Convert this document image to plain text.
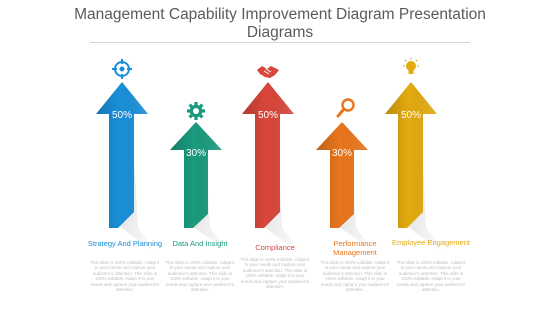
Management Capability Improvement Diagram Presentation Diagrams
50%
30%
50%
30%
50%
Strategy And Planning	Data And Insight	Compliance	Performance Management
Employee Engagement
This slide is 100% editable. Adapt it to your needs and capture your audience's attention. This slide is 100% editable. Adapt it to your needs and capture your audience's attention.
This slide is 100% editable. Adapt it to your needs and capture your audience's attention. This slide is 100% editable. Adapt it to your needs and capture your audience's attention.
This slide is 100% editable. Adapt it to your needs and capture your audience's attention. This slide is 100% editable. Adapt it to your needs and capture your audience's attention.
This slide is 100% editable. Adapt it to your needs and capture your audience's attention. This slide is 100% editable. Adapt it to your needs and capture your audience's attention.
This slide is 100% editable. Adapt it to your needs and capture your audience's attention. This slide is 100% editable. Adapt it to your needs and capture your audience's attention.
